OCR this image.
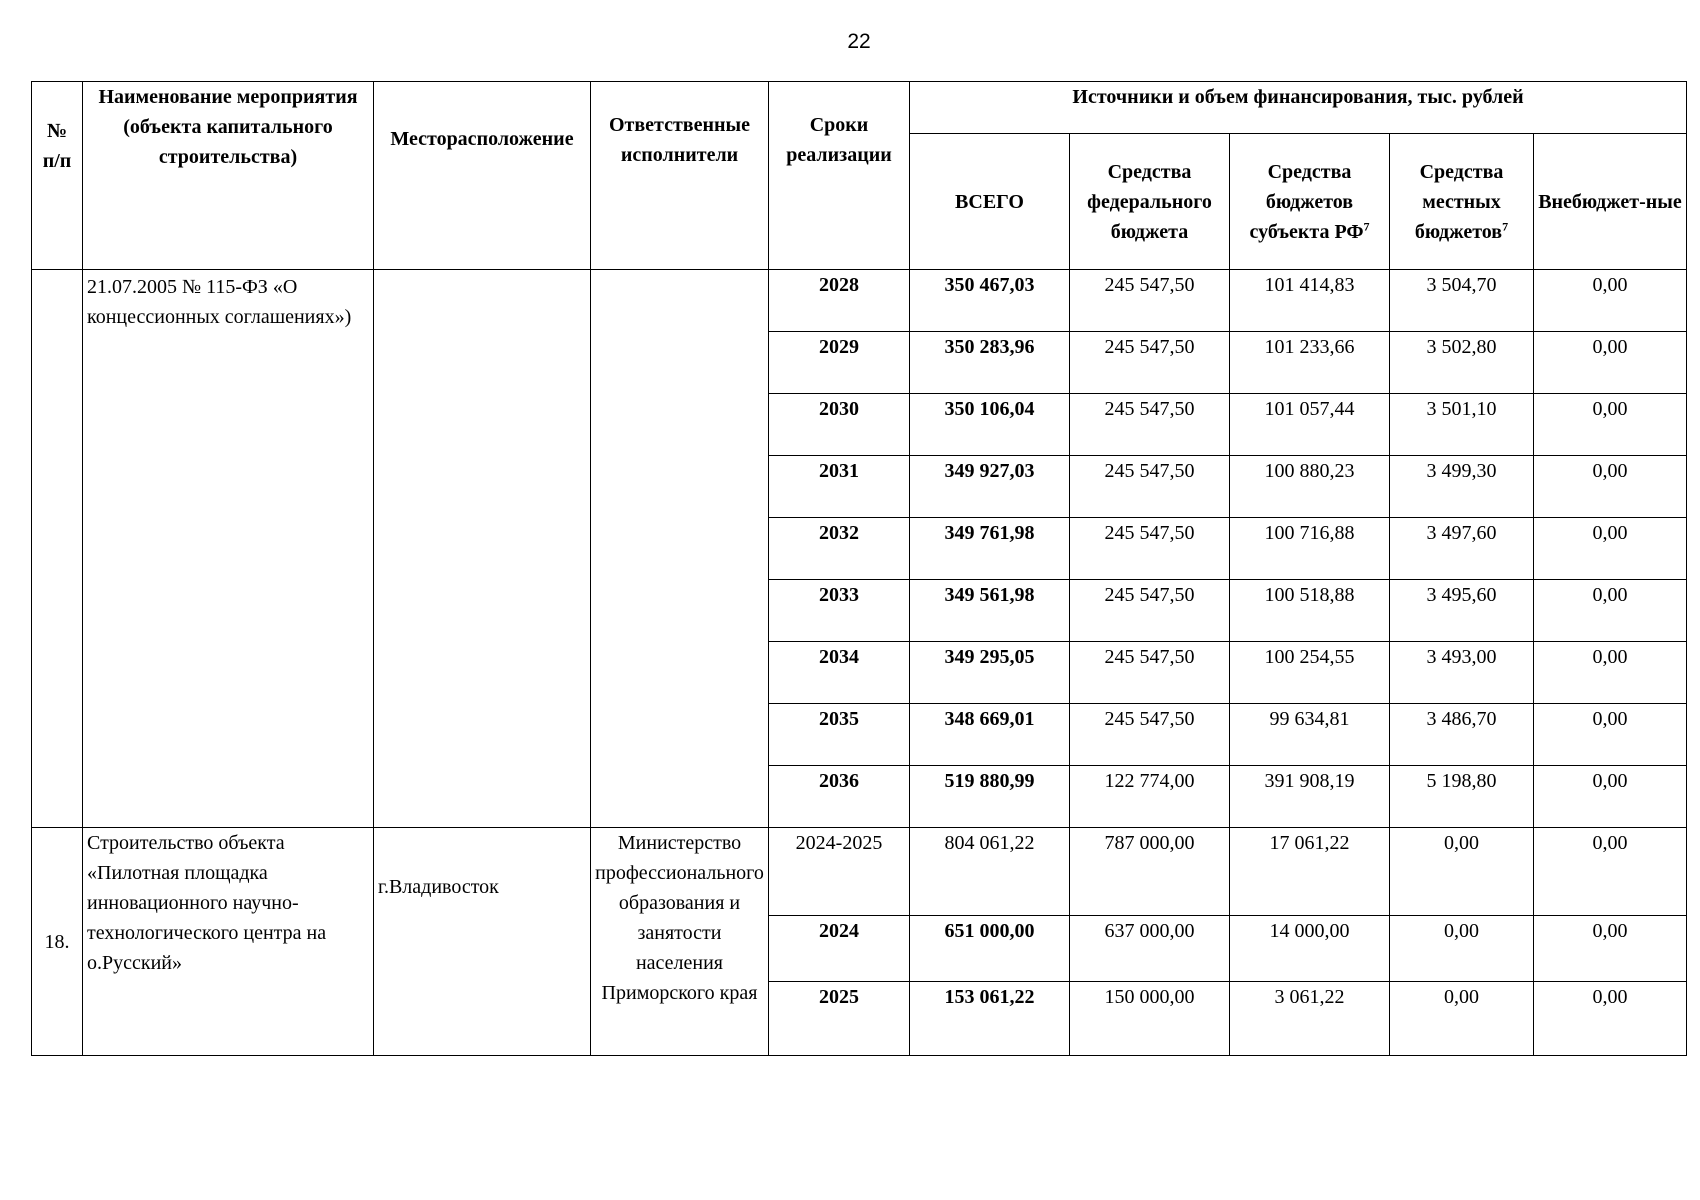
22
№ п/п	Наименование мероприятия (объекта капитального строительства)	Месторасположение	Ответственные исполнители	Сроки реализации	Источники и объем финансирования, тыс. рублей				
					ВСЕГО	Средства федерального бюджета	Средства бюджетов субъекта $РФ^7$	Средства местных бюджетов$^7$	Внебюджет-ные
	21.07.2005 № 115-ФЗ «О концессионных соглашениях»)			2028	350 467,03	245 547,50	101 414,83	3 504,70	0,00
				2029	350 283,96	245 547,50	101 233,66	3 502,80	0,00
				2030	350 106,04	245 547,50	101 057,44	3 501,10	0,00
				2031	349 927,03	245 547,50	100 880,23	3 499,30	0,00
				2032	349 761,98	245 547,50	100 716,88	3 497,60	0,00
				2033	349 561,98	245 547,50	100 518,88	3 495,60	0,00
				2034	349 295,05	245 547,50	100 254,55	3 493,00	0,00
				2035	348 669,01	245 547,50	99 634,81	3 486,70	0,00
				2036	519 880,99	122 774,00	391 908,19	5 198,80	0,00
18.	Строительство объекта «Пилотная площадка инновационного научно-технологического центра на о.Русский»	г.Владивосток	Министерство профессионального образования и занятости населения Приморского края	2024-2025	804 061,22	787 000,00	17 061,22	0,00	0,00
				2024	651 000,00	637 000,00	14 000,00	0,00	0,00
				2025	153 061,22	150 000,00	3 061,22	0,00	0,00
